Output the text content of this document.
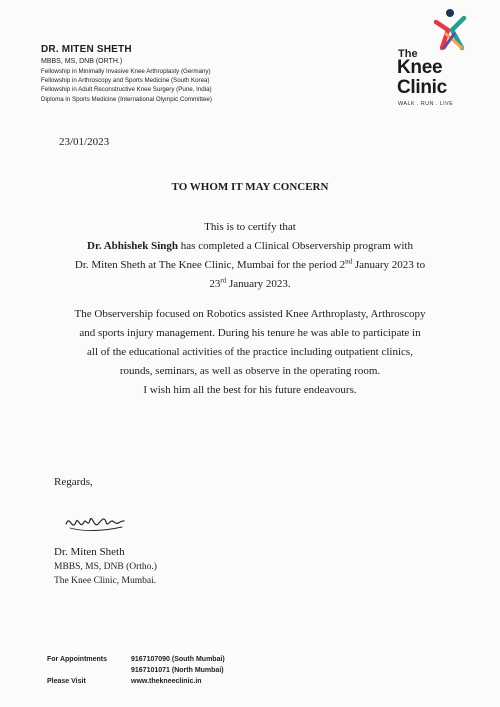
DR. MITEN SHETH
MBBS, MS, DNB (ORTH.)
Fellowship in Minimally Invasive Knee Arthroplasty (Germany)
Fellowship in Arthroscopy and Sports Medicine (South Korea)
Fellowship in Adult Reconstructive Knee Surgery (Pune, India)
Diploma in Sports Medicine (International Olympic Committee)
The
Knee
Clinic
WALK . RUN . LIVE
23/01/2023
TO WHOM IT MAY CONCERN
This is to certify that
Dr. Abhishek Singh has completed a Clinical Observership program with
Dr. Miten Sheth at The Knee Clinic, Mumbai for the period 2nd January 2023 to
23rd January 2023.
The Observership focused on Robotics assisted Knee Arthroplasty, Arthroscopy
and sports injury management. During his tenure he was able to participate in
all of the educational activities of the practice including outpatient clinics,
rounds, seminars, as well as observe in the operating room.
I wish him all the best for his future endeavours.
Regards,
Dr. Miten Sheth
MBBS, MS, DNB (Ortho.)
The Knee Clinic, Mumbai.
For Appointments	9167107090 (South Mumbai)
9167101071 (North Mumbai)
Please Visit	www.thekneeclinic.in
